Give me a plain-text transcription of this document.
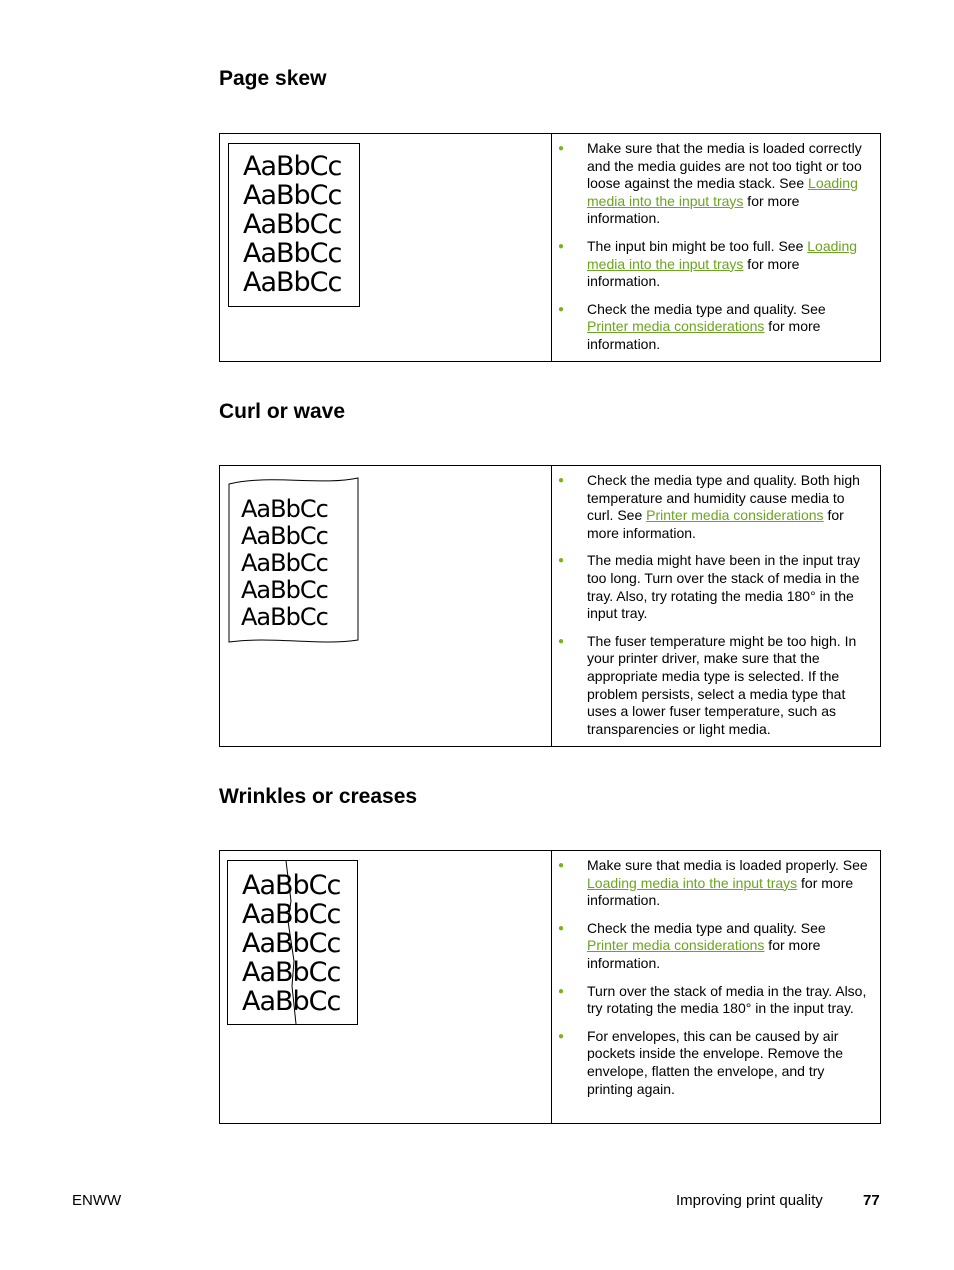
Page skew
AaBbCc
AaBbCc
AaBbCc
AaBbCc
AaBbCc
● Make sure that the media is loaded correctly and the media guides are not too tight or too loose against the media stack. See Loading media into the input trays for more information.
● The input bin might be too full. See Loading media into the input trays for more information.
● Check the media type and quality. See Printer media considerations for more information.
Curl or wave
AaBbCc
AaBbCc
AaBbCc
AaBbCc
AaBbCc
● Check the media type and quality. Both high temperature and humidity cause media to curl. See Printer media considerations for more information.
● The media might have been in the input tray too long. Turn over the stack of media in the tray. Also, try rotating the media 180° in the input tray.
● The fuser temperature might be too high. In your printer driver, make sure that the appropriate media type is selected. If the problem persists, select a media type that uses a lower fuser temperature, such as transparencies or light media.
Wrinkles or creases
AaBbCc
AaBbCc
AaBbCc
AaBbCc
AaBbCc
● Make sure that media is loaded properly. See Loading media into the input trays for more information.
● Check the media type and quality. See Printer media considerations for more information.
● Turn over the stack of media in the tray. Also, try rotating the media 180° in the input tray.
● For envelopes, this can be caused by air pockets inside the envelope. Remove the envelope, flatten the envelope, and try printing again.
ENWW	Improving print quality	77
